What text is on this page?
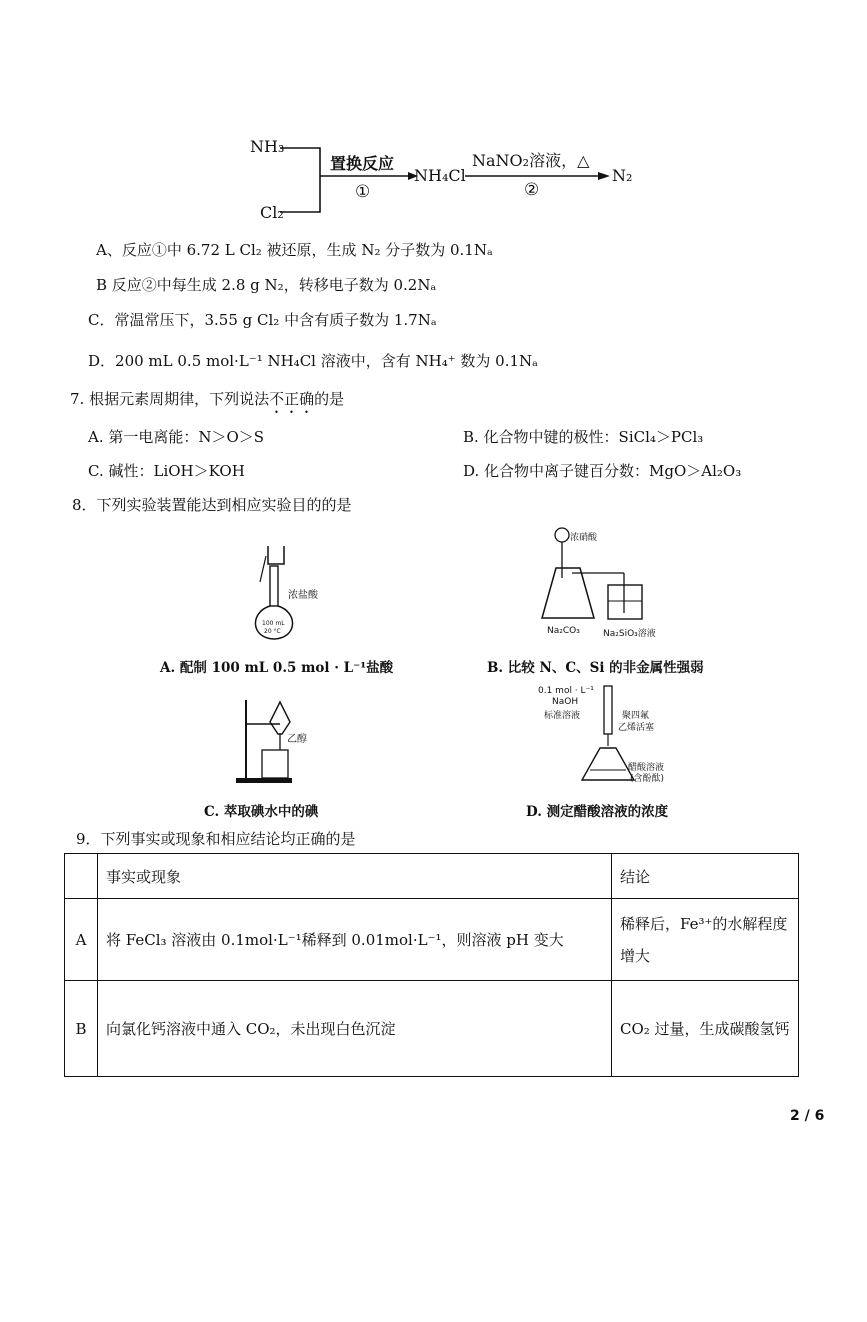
NH₃
Cl₂
置换反应
①
NH₄Cl
NaNO₂溶液，△
②
N₂
A、反应①中 6.72 L Cl₂ 被还原，生成 N₂ 分子数为 0.1Nₐ
B 反应②中每生成 2.8 g N₂，转移电子数为 0.2Nₐ
C．常温常压下，3.55 g Cl₂ 中含有质子数为 1.7Nₐ
D．200 mL 0.5 mol·L⁻¹ NH₄Cl 溶液中，含有 NH₄⁺ 数为 0.1Nₐ
7. 根据元素周期律，下列说法不正确的是
A. 第一电离能：N＞O＞S	B. 化合物中键的极性：SiCl₄＞PCl₃
C. 碱性：LiOH＞KOH	D. 化合物中离子键百分数：MgO＞Al₂O₃
8．下列实验装置能达到相应实验目的的是
浓盐酸
100 mL
20 °C
A. 配制 100 mL 0.5 mol · L⁻¹盐酸
浓硝酸
Na₂CO₃	Na₂SiO₃溶液
B. 比较 N、C、Si 的非金属性强弱
乙醇
C. 萃取碘水中的碘
0.1 mol · L⁻¹
NaOH
标准溶液	聚四氟
乙烯活塞
醋酸溶液
(含酚酞)
D. 测定醋酸溶液的浓度
9．下列事实或现象和相应结论均正确的是
	事实或现象	结论
A	将 FeCl₃ 溶液由 0.1mol·L⁻¹稀释到 0.01mol·L⁻¹，则溶液 pH 变大	稀释后，Fe³⁺的水解程度增大
B	向氯化钙溶液中通入 CO₂，未出现白色沉淀	CO₂ 过量，生成碳酸氢钙
2 / 6
